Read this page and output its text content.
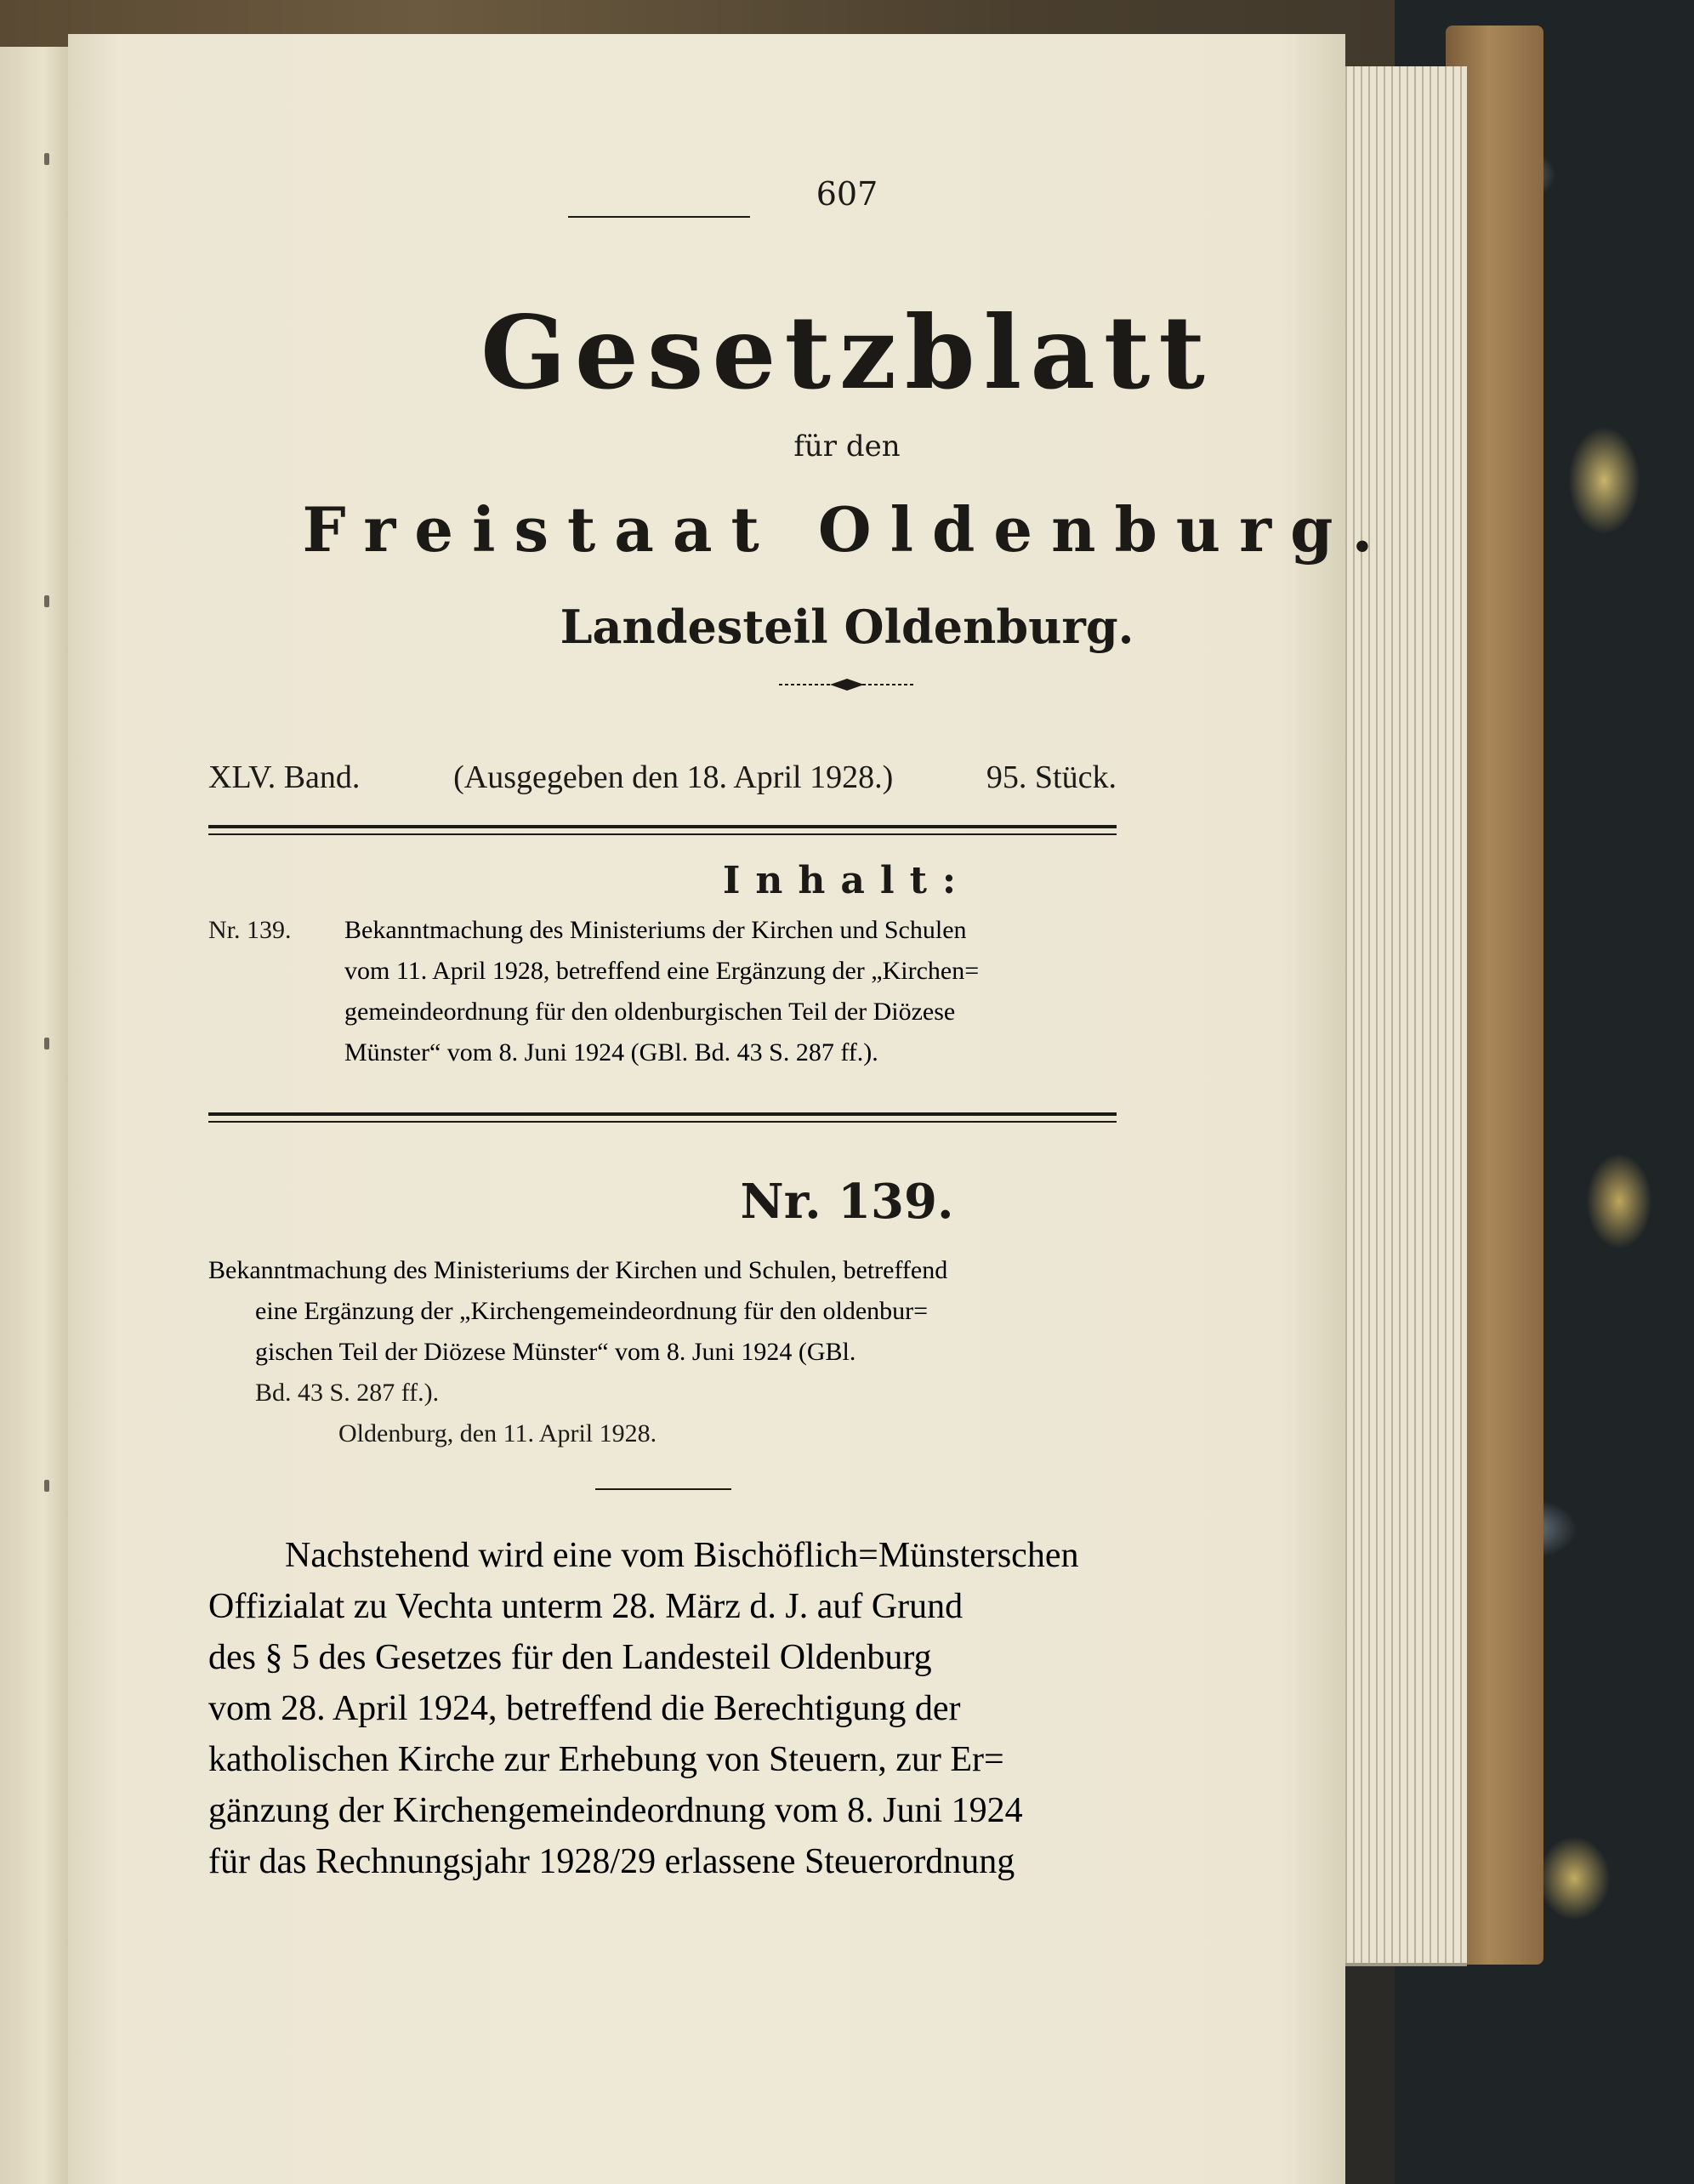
607
Gesetzblatt
für den
Freistaat Oldenburg.
Landesteil Oldenburg.
XLV. Band.	(Ausgegeben den 18. April 1928.)	95. Stück.
Inhalt:
Nr. 139. Bekanntmachung des Ministeriums der Kirchen und Schulen
vom 11. April 1928, betreffend eine Ergänzung der „Kirchen=
gemeindeordnung für den oldenburgischen Teil der Diözese
Münster“ vom 8. Juni 1924 (GBl. Bd. 43 S. 287 ff.).
Nr. 139.
Bekanntmachung des Ministeriums der Kirchen und Schulen, betreffend
eine Ergänzung der „Kirchengemeindeordnung für den oldenbur=
gischen Teil der Diözese Münster“ vom 8. Juni 1924 (GBl.
Bd. 43 S. 287 ff.).
Oldenburg, den 11. April 1928.
Nachstehend wird eine vom Bischöflich=Münsterschen
Offizialat zu Vechta unterm 28. März d. J. auf Grund
des § 5 des Gesetzes für den Landesteil Oldenburg
vom 28. April 1924, betreffend die Berechtigung der
katholischen Kirche zur Erhebung von Steuern, zur Er=
gänzung der Kirchengemeindeordnung vom 8. Juni 1924
für das Rechnungsjahr 1928/29 erlassene Steuerordnung
